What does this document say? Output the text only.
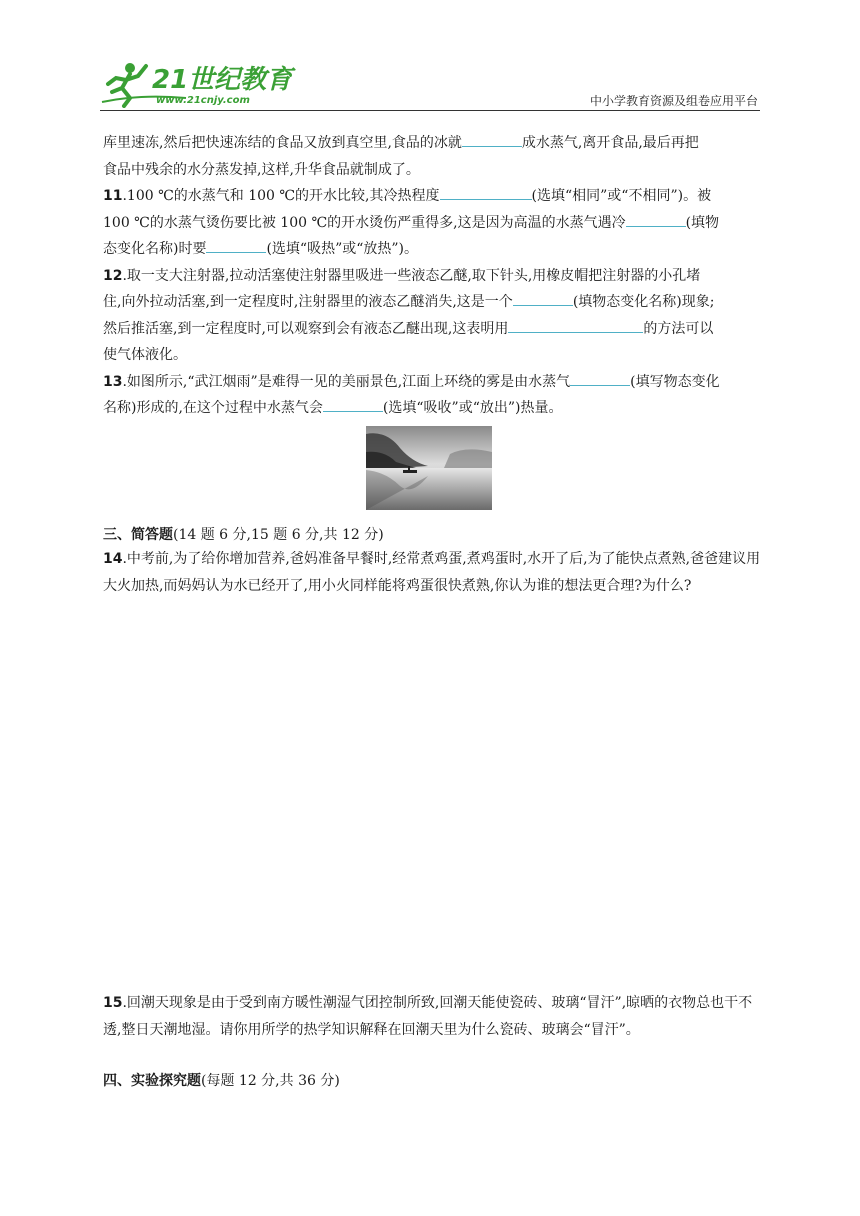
21世纪教育
www.21cnjy.com	中小学教育资源及组卷应用平台

库里速冻,然后把快速冻结的食品又放到真空里,食品的冰就	成水蒸气,离开食品,最后再把
食品中残余的水分蒸发掉,这样,升华食品就制成了。

11.100 ℃的水蒸气和 100 ℃的开水比较,其冷热程度	(选填“相同”或“不相同”)。被
100 ℃的水蒸气烫伤要比被 100 ℃的开水烫伤严重得多,这是因为高温的水蒸气遇冷	(填物
态变化名称)时要	(选填“吸热”或“放热”)。

12.取一支大注射器,拉动活塞使注射器里吸进一些液态乙醚,取下针头,用橡皮帽把注射器的小孔堵
住,向外拉动活塞,到一定程度时,注射器里的液态乙醚消失,这是一个	(填物态变化名称)现象;
然后推活塞,到一定程度时,可以观察到会有液态乙醚出现,这表明用	的方法可以
使气体液化。

13.如图所示,“武江烟雨”是难得一见的美丽景色,江面上环绕的雾是由水蒸气	(填写物态变化
名称)形成的,在这个过程中水蒸气会	(选填“吸收”或“放出”)热量。

三、简答题(14 题 6 分,15 题 6 分,共 12 分)
14.中考前,为了给你增加营养,爸妈准备早餐时,经常煮鸡蛋,煮鸡蛋时,水开了后,为了能快点煮熟,爸爸建议用大火加热,而妈妈认为水已经开了,用小火同样能将鸡蛋很快煮熟,你认为谁的想法更合理?为什么?
15.回潮天现象是由于受到南方暖性潮湿气团控制所致,回潮天能使瓷砖、玻璃“冒汗”,晾晒的衣物总也干不透,整日天潮地湿。请你用所学的热学知识解释在回潮天里为什么瓷砖、玻璃会“冒汗”。
四、实验探究题(每题 12 分,共 36 分)
